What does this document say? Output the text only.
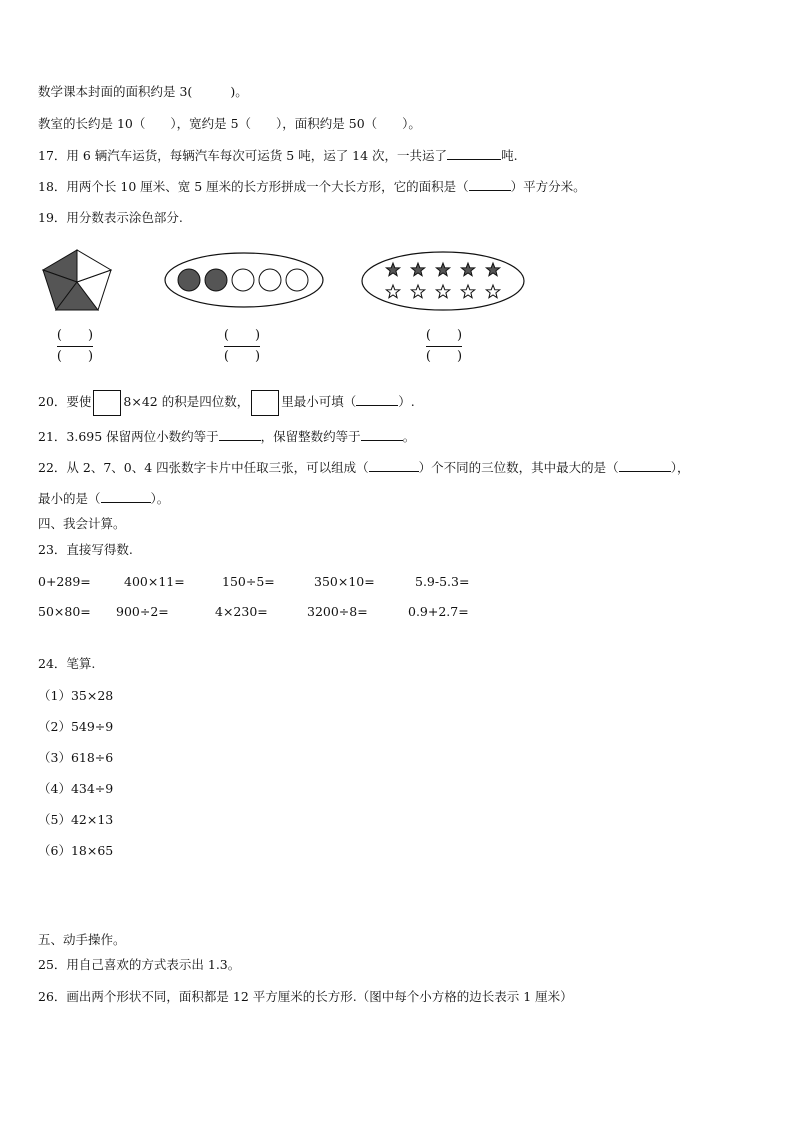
数学课本封面的面积约是 3(	)。
教室的长约是 10（　　），宽约是 5（　　），面积约是 50（　　）。
17．用 6 辆汽车运货，每辆汽车每次可运货 5 吨，运了 14 次，一共运了	吨.
18．用两个长 10 厘米、宽 5 厘米的长方形拼成一个大长方形，它的面积是（	）平方分米。
19．用分数表示涂色部分.
(　　)
(　　)
(　　)
(　　)
(　　)
(　　)
20．要使	8×42 的积是四位数，	里最小可填（	）.
21．3.695 保留两位小数约等于	，保留整数约等于	。
22．从 2、7、0、4 四张数字卡片中任取三张，可以组成（	）个不同的三位数，其中最大的是（	），
最小的是（	）。
四、我会计算。
23．直接写得数.
0+289=	400×11=	150÷5=	350×10=	5.9-5.3=
50×80= 900÷2=	4×230=	3200÷8=	0.9+2.7=
24．笔算.
（1）35×28
（2）549÷9
（3）618÷6
（4）434÷9
（5）42×13
（6）18×65
五、动手操作。
25．用自己喜欢的方式表示出 1.3。
26．画出两个形状不同，面积都是 12 平方厘米的长方形.（图中每个小方格的边长表示 1 厘米）
